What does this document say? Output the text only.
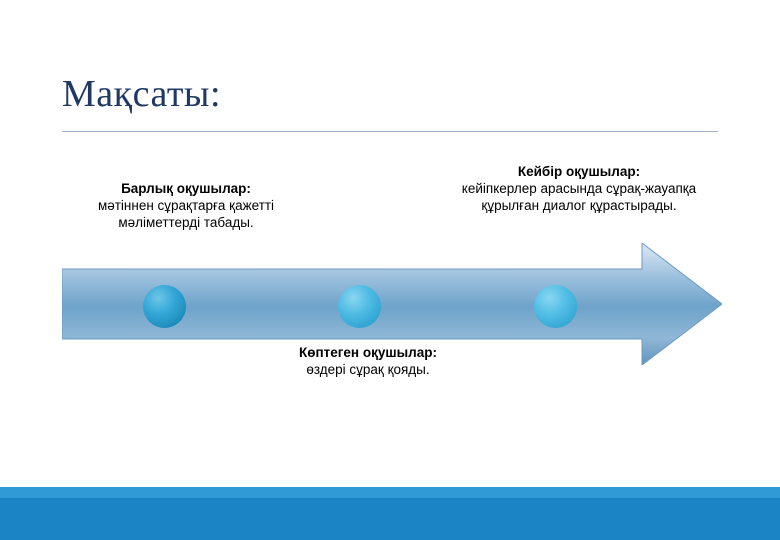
Мақсаты:
Барлық оқушылар:
мәтіннен сұрақтарға қажетті мәліметтерді табады.
Кейбір оқушылар:
кейіпкерлер арасында сұрақ-жауапқа құрылған диалог құрастырады.
Көптеген оқушылар:
өздері сұрақ қояды.
